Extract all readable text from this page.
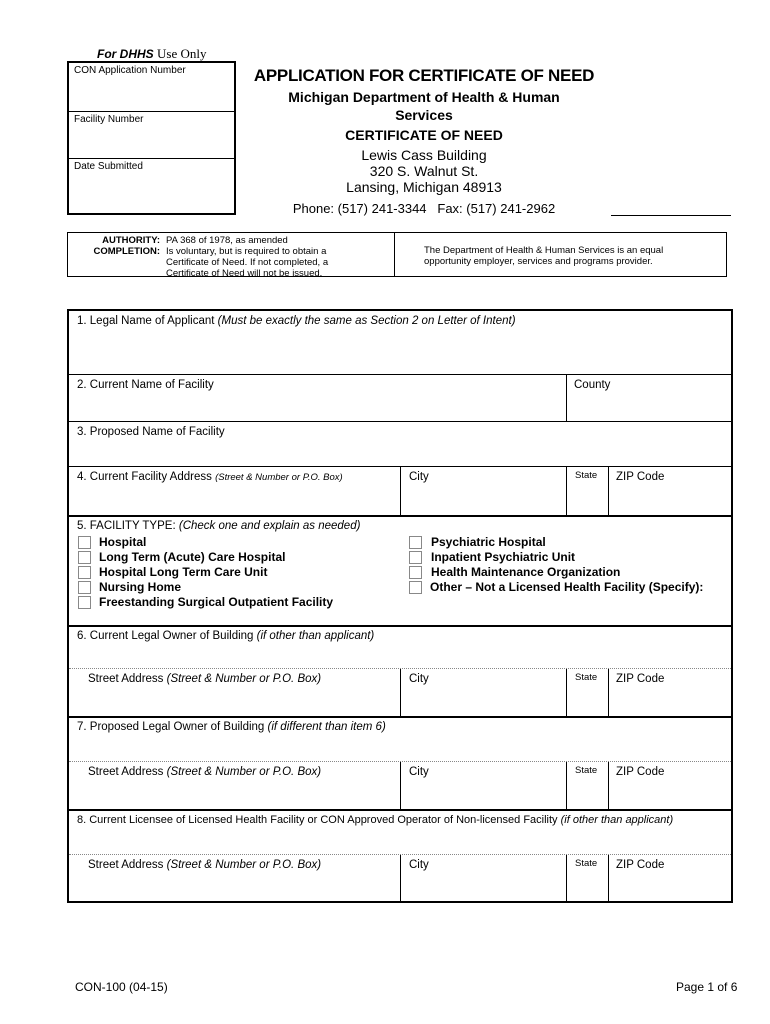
For DHHS Use Only
CON Application Number
Facility Number
Date Submitted
APPLICATION FOR CERTIFICATE OF NEED
Michigan Department of Health & Human
Services
CERTIFICATE OF NEED
Lewis Cass Building
320 S. Walnut St.
Lansing, Michigan 48913
Phone: (517) 241-3344   Fax: (517) 241-2962
AUTHORITY: PA 368 of 1978, as amended
COMPLETION: Is voluntary, but is required to obtain a
Certificate of Need. If not completed, a
Certificate of Need will not be issued.
The Department of Health & Human Services is an equal
opportunity employer, services and programs provider.
1. Legal Name of Applicant (Must be exactly the same as Section 2 on Letter of Intent)
2. Current Name of Facility	County
3. Proposed Name of Facility
4. Current Facility Address (Street & Number or P.O. Box)	City	State ZIP Code
5. FACILITY TYPE: (Check one and explain as needed)
Hospital
Long Term (Acute) Care Hospital
Hospital Long Term Care Unit
Nursing Home
Freestanding Surgical Outpatient Facility
Psychiatric Hospital
Inpatient Psychiatric Unit
Health Maintenance Organization
Other – Not a Licensed Health Facility (Specify):
6. Current Legal Owner of Building (if other than applicant)
Street Address (Street & Number or P.O. Box)	City	State ZIP Code
7. Proposed Legal Owner of Building (if different than item 6)
Street Address (Street & Number or P.O. Box)	City	State ZIP Code
8. Current Licensee of Licensed Health Facility or CON Approved Operator of Non-licensed Facility (if other than applicant)
Street Address (Street & Number or P.O. Box)	City	State ZIP Code
CON-100 (04-15)	Page 1 of 6
